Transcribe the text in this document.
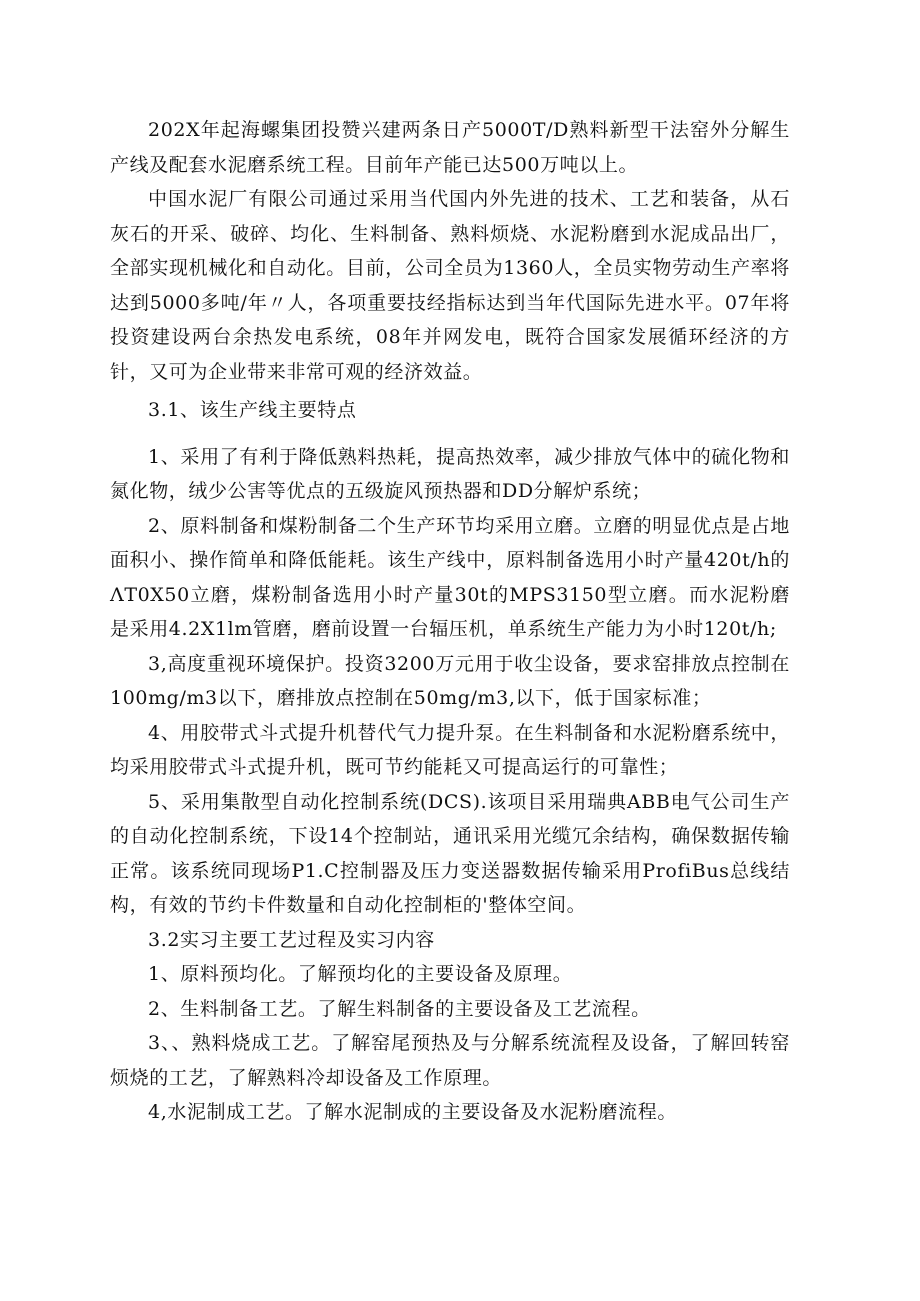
202X年起海螺集团投赞兴建两条日产5000T/D熟料新型干法窑外分解生产线及配套水泥磨系统工程。目前年产能已达500万吨以上。

中国水泥厂有限公司通过采用当代国内外先进的技术、工艺和装备，从石灰石的开采、破碎、均化、生料制备、熟料烦烧、水泥粉磨到水泥成品出厂，全部实现机械化和自动化。目前，公司全员为1360人，全员实物劳动生产率将达到5000多吨/年〃人，各项重要技经指标达到当年代国际先进水平。07年将投资建设两台余热发电系统，08年并网发电，既符合国家发展循环经济的方针，又可为企业带来非常可观的经济效益。

3.1、该生产线主要特点

1、采用了有利于降低熟料热耗，提高热效率，减少排放气体中的硫化物和氮化物，绒少公害等优点的五级旋风预热器和DD分解炉系统；

2、原料制备和煤粉制备二个生产环节均采用立磨。立磨的明显优点是占地面积小、操作简单和降低能耗。该生产线中，原料制备选用小时产量420t/h的ΛT0X50立磨，煤粉制备选用小时产量30t的MPS3150型立磨。而水泥粉磨是采用4.2X1lm管磨，磨前设置一台辐压机，单系统生产能力为小时120t/h;

3,高度重视环境保护。投资3200万元用于收尘设备，要求窑排放点控制在100mg/m3以下，磨排放点控制在50mg/m3,以下，低于国家标准；

4、用胶带式斗式提升机替代气力提升泵。在生料制备和水泥粉磨系统中，均采用胶带式斗式提升机，既可节约能耗又可提高运行的可靠性；

5、采用集散型自动化控制系统(DCS).该项目采用瑞典ABB电气公司生产的自动化控制系统，下设14个控制站，通讯采用光缆冗余结构，确保数据传输正常。该系统同现场P1.C控制器及压力变送器数据传输采用ProfiBus总线结构，有效的节约卡件数量和自动化控制柜的'整体空间。

3.2实习主要工艺过程及实习内容

1、原料预均化。了解预均化的主要设备及原理。

2、生料制备工艺。了解生料制备的主要设备及工艺流程。

3、、熟料烧成工艺。了解窑尾预热及与分解系统流程及设备，了解回转窑烦烧的工艺，了解熟料冷却设备及工作原理。

4,水泥制成工艺。了解水泥制成的主要设备及水泥粉磨流程。
